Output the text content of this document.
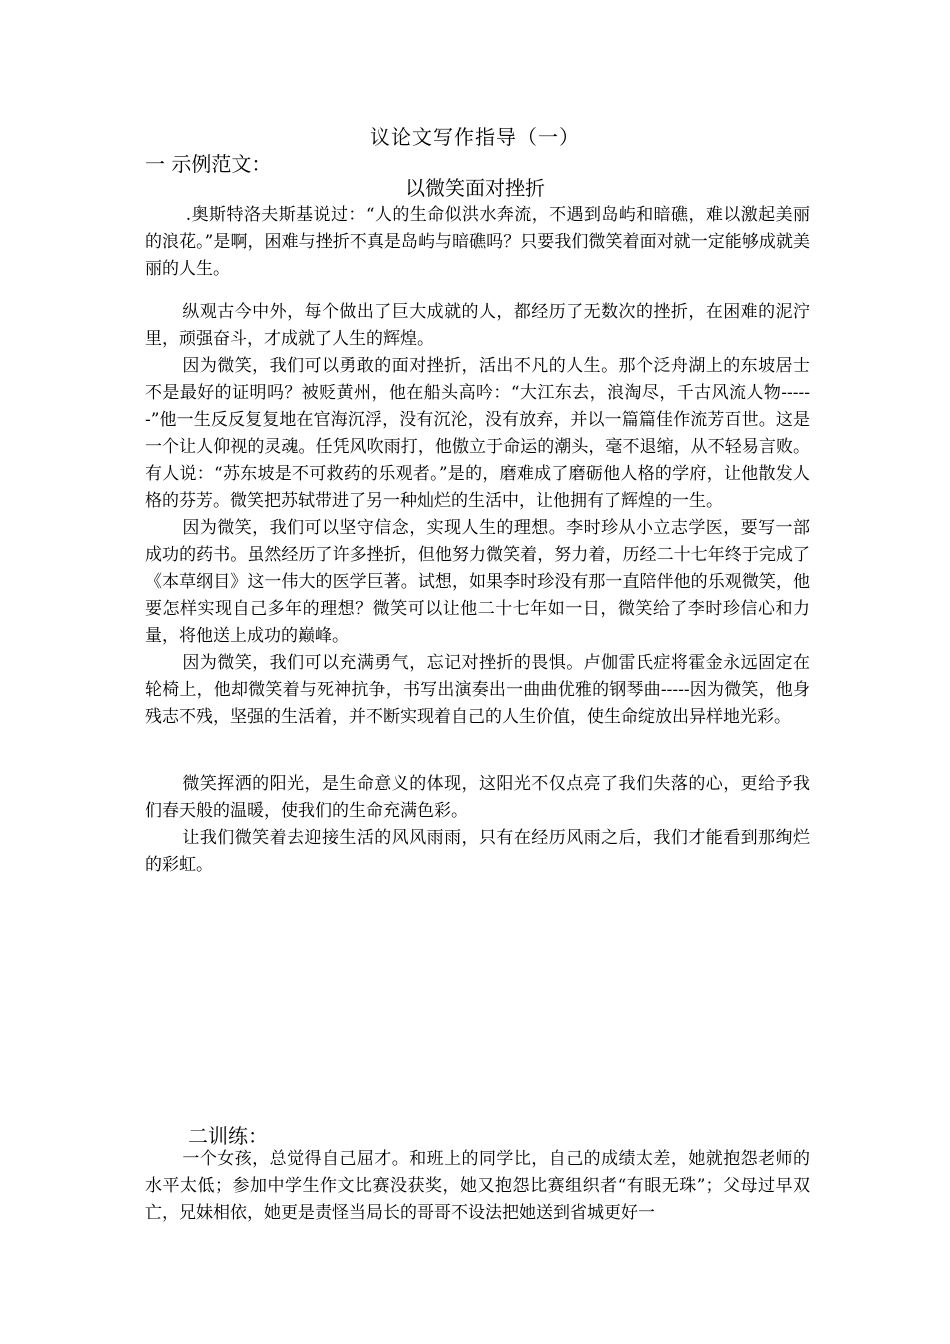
议论文写作指导（一）
一 示例范文：
以微笑面对挫折

.奥斯特洛夫斯基说过：“人的生命似洪水奔流，不遇到岛屿和暗礁，难以激起美丽的浪花。”是啊，困难与挫折不真是岛屿与暗礁吗？只要我们微笑着面对就一定能够成就美丽的人生。

纵观古今中外，每个做出了巨大成就的人，都经历了无数次的挫折，在困难的泥泞里，顽强奋斗，才成就了人生的辉煌。

因为微笑，我们可以勇敢的面对挫折，活出不凡的人生。那个泛舟湖上的东坡居士不是最好的证明吗？被贬黄州，他在船头高吟：“大江东去，浪淘尽，千古风流人物------”他一生反反复复地在官海沉浮，没有沉沦，没有放弃，并以一篇篇佳作流芳百世。这是一个让人仰视的灵魂。任凭风吹雨打，他傲立于命运的潮头，毫不退缩，从不轻易言败。有人说：“苏东坡是不可救药的乐观者。”是的，磨难成了磨砺他人格的学府，让他散发人格的芬芳。微笑把苏轼带进了另一种灿烂的生活中，让他拥有了辉煌的一生。

因为微笑，我们可以坚守信念，实现人生的理想。李时珍从小立志学医，要写一部成功的药书。虽然经历了许多挫折，但他努力微笑着，努力着，历经二十七年终于完成了《本草纲目》这一伟大的医学巨著。试想，如果李时珍没有那一直陪伴他的乐观微笑，他要怎样实现自己多年的理想？微笑可以让他二十七年如一日，微笑给了李时珍信心和力量，将他送上成功的巅峰。

因为微笑，我们可以充满勇气，忘记对挫折的畏惧。卢伽雷氏症将霍金永远固定在轮椅上，他却微笑着与死神抗争，书写出演奏出一曲曲优雅的钢琴曲-----因为微笑，他身残志不残，坚强的生活着，并不断实现着自己的人生价值，使生命绽放出异样地光彩。

微笑挥洒的阳光，是生命意义的体现，这阳光不仅点亮了我们失落的心，更给予我们春天般的温暖，使我们的生命充满色彩。

让我们微笑着去迎接生活的风风雨雨，只有在经历风雨之后，我们才能看到那绚烂的彩虹。

二训练：

一个女孩，总觉得自己屈才。和班上的同学比，自己的成绩太差，她就抱怨老师的水平太低；参加中学生作文比赛没获奖，她又抱怨比赛组织者“有眼无珠”；父母过早双亡，兄妹相依，她更是责怪当局长的哥哥不设法把她送到省城更好一
